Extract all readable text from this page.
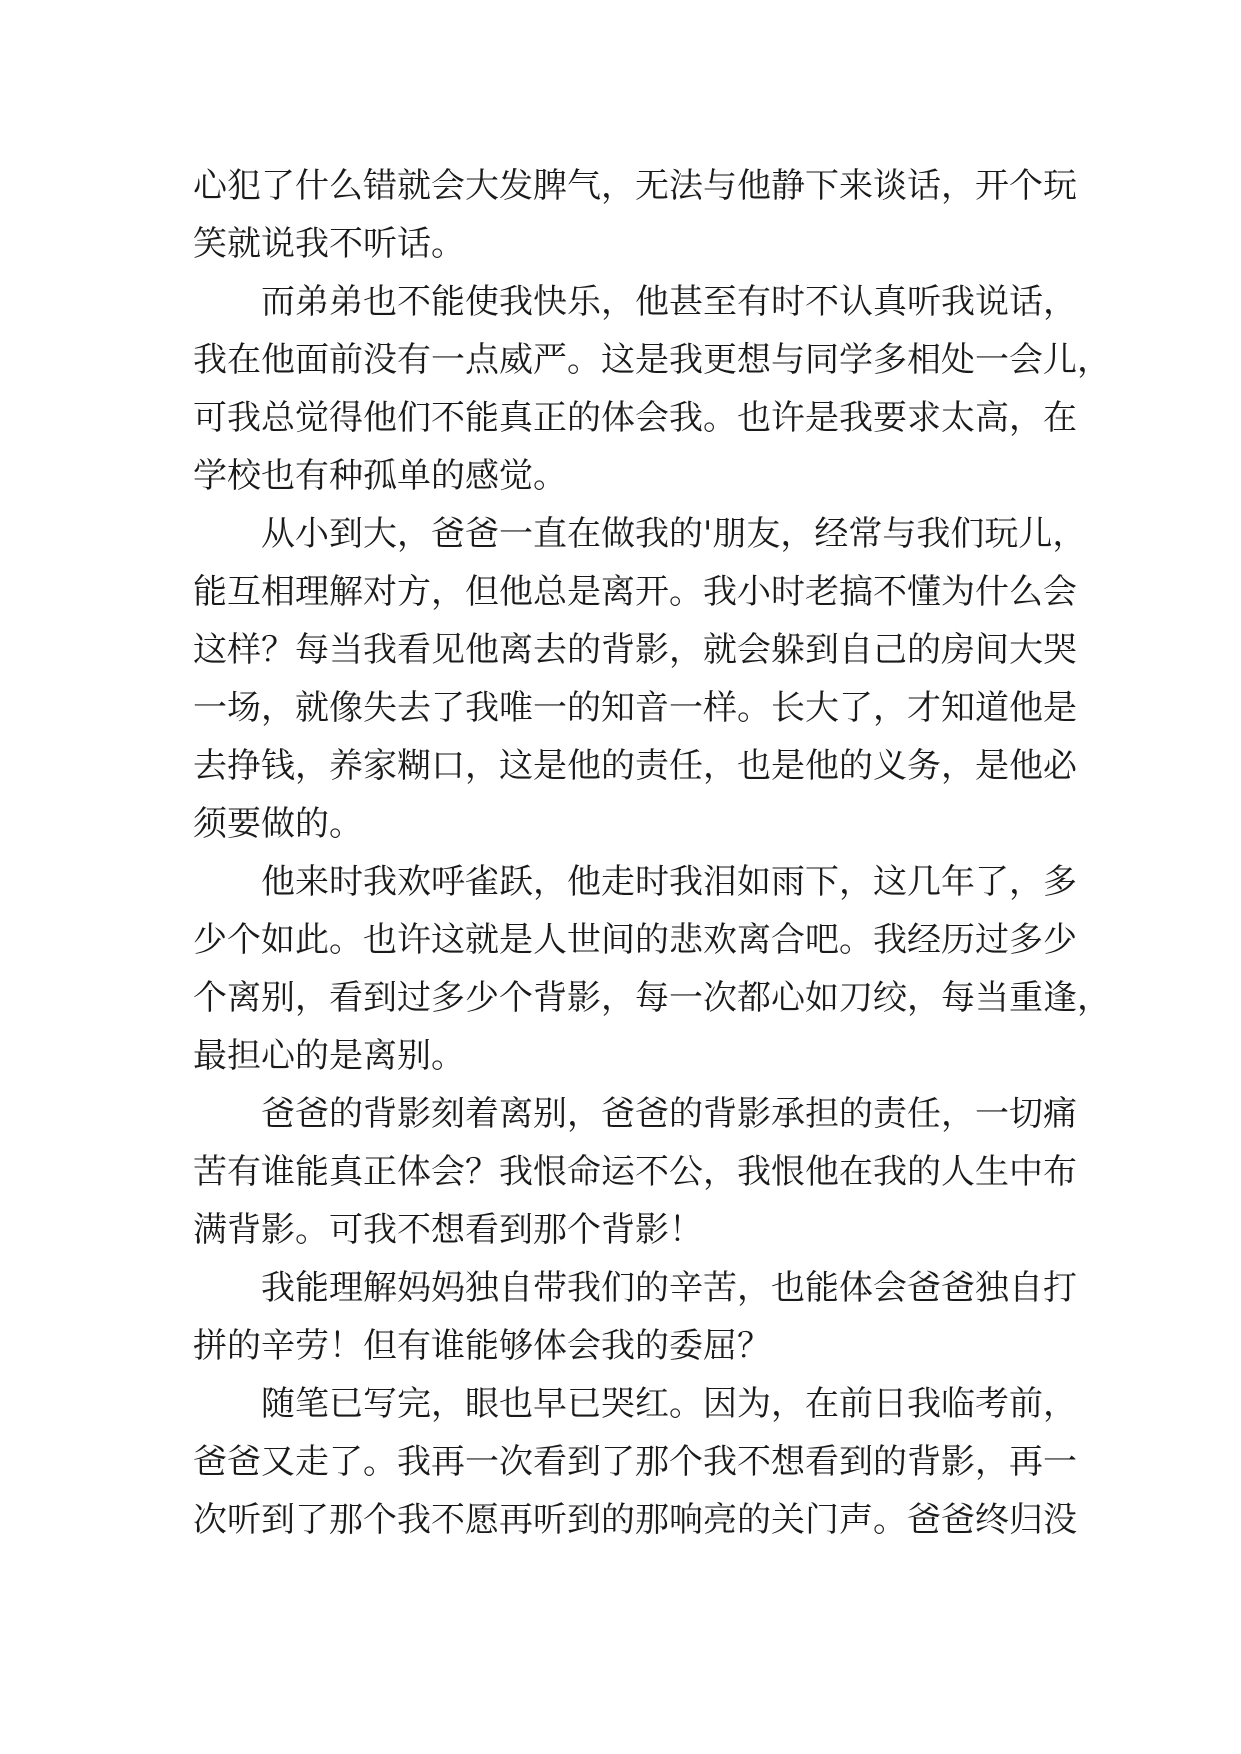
心犯了什么错就会大发脾气，无法与他静下来谈话，开个玩
笑就说我不听话。
而弟弟也不能使我快乐，他甚至有时不认真听我说话，
我在他面前没有一点威严。这是我更想与同学多相处一会儿，
可我总觉得他们不能真正的体会我。也许是我要求太高，在
学校也有种孤单的感觉。
从小到大，爸爸一直在做我的'朋友，经常与我们玩儿，
能互相理解对方，但他总是离开。我小时老搞不懂为什么会
这样？每当我看见他离去的背影，就会躲到自己的房间大哭
一场，就像失去了我唯一的知音一样。长大了，才知道他是
去挣钱，养家糊口，这是他的责任，也是他的义务，是他必
须要做的。
他来时我欢呼雀跃，他走时我泪如雨下，这几年了，多
少个如此。也许这就是人世间的悲欢离合吧。我经历过多少
个离别，看到过多少个背影，每一次都心如刀绞，每当重逢，
最担心的是离别。
爸爸的背影刻着离别，爸爸的背影承担的责任，一切痛
苦有谁能真正体会？我恨命运不公，我恨他在我的人生中布
满背影。可我不想看到那个背影！
我能理解妈妈独自带我们的辛苦，也能体会爸爸独自打
拼的辛劳！但有谁能够体会我的委屈？
随笔已写完，眼也早已哭红。因为，在前日我临考前，
爸爸又走了。我再一次看到了那个我不想看到的背影，再一
次听到了那个我不愿再听到的那响亮的关门声。爸爸终归没
